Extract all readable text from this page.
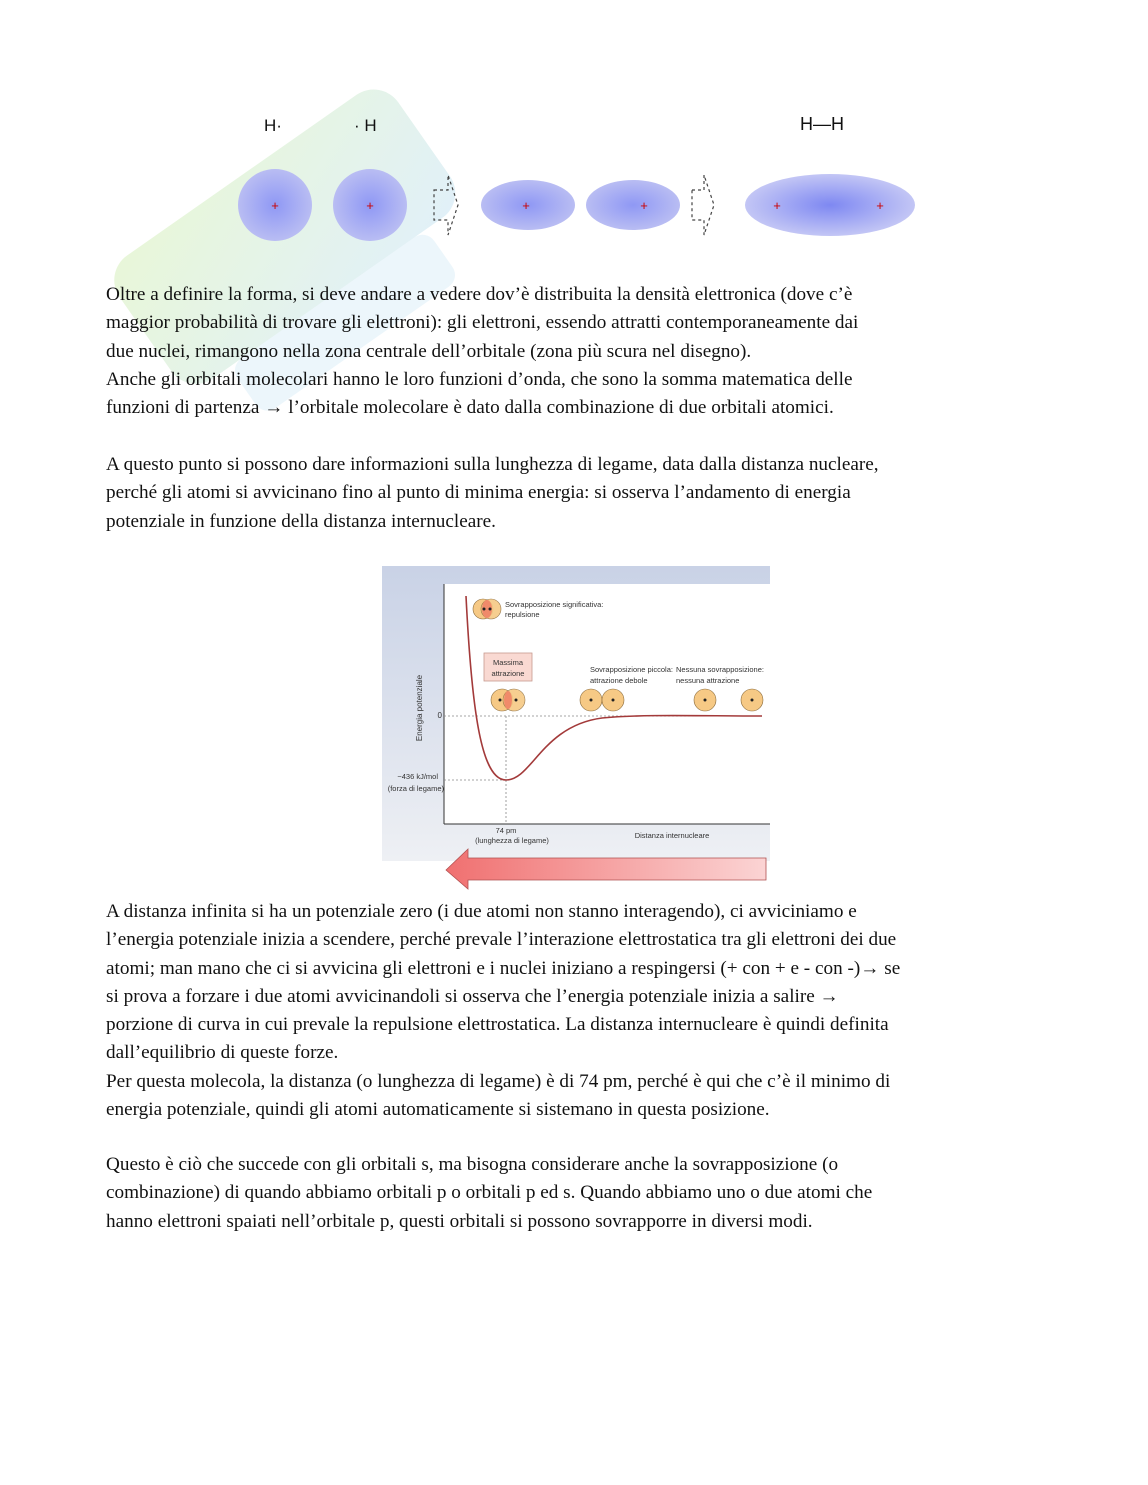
+	+	+	+	+	+
H·	· H	H—H

Oltre a definire la forma, si deve andare a vedere dov’è distribuita la densità elettronica (dove c’è
maggior probabilità di trovare gli elettroni): gli elettroni, essendo attratti contemporaneamente dai
due nuclei, rimangono nella zona centrale dell’orbitale (zona più scura nel disegno).
Anche gli orbitali molecolari hanno le loro funzioni d’onda, che sono la somma matematica delle
funzioni di partenza → l’orbitale molecolare è dato dalla combinazione di due orbitali atomici.

A questo punto si possono dare informazioni sulla lunghezza di legame, data dalla distanza nucleare,
perché gli atomi si avvicinano fino al punto di minima energia: si osserva l’andamento di energia
potenziale in funzione della distanza internucleare.

Energia potenziale 0
−436 kJ/mol
(forza di legame)
74 pm
(lunghezza di legame)
Distanza internucleare
Sovrapposizione significativa:
repulsione
Massima
attrazione	Sovrapposizione piccola:
attrazione debole
Nessuna sovrapposizione:
nessuna attrazione

A distanza infinita si ha un potenziale zero (i due atomi non stanno interagendo), ci avviciniamo e
l’energia potenziale inizia a scendere, perché prevale l’interazione elettrostatica tra gli elettroni dei due
atomi; man mano che ci si avvicina gli elettroni e i nuclei iniziano a respingersi (+ con + e - con -)→ se
si prova a forzare i due atomi avvicinandoli si osserva che l’energia potenziale inizia a salire →
porzione di curva in cui prevale la repulsione elettrostatica. La distanza internucleare è quindi definita
dall’equilibrio di queste forze.
Per questa molecola, la distanza (o lunghezza di legame) è di 74 pm, perché è qui che c’è il minimo di
energia potenziale, quindi gli atomi automaticamente si sistemano in questa posizione.

Questo è ciò che succede con gli orbitali s, ma bisogna considerare anche la sovrapposizione (o
combinazione) di quando abbiamo orbitali p o orbitali p ed s. Quando abbiamo uno o due atomi che
hanno elettroni spaiati nell’orbitale p, questi orbitali si possono sovrapporre in diversi modi.
